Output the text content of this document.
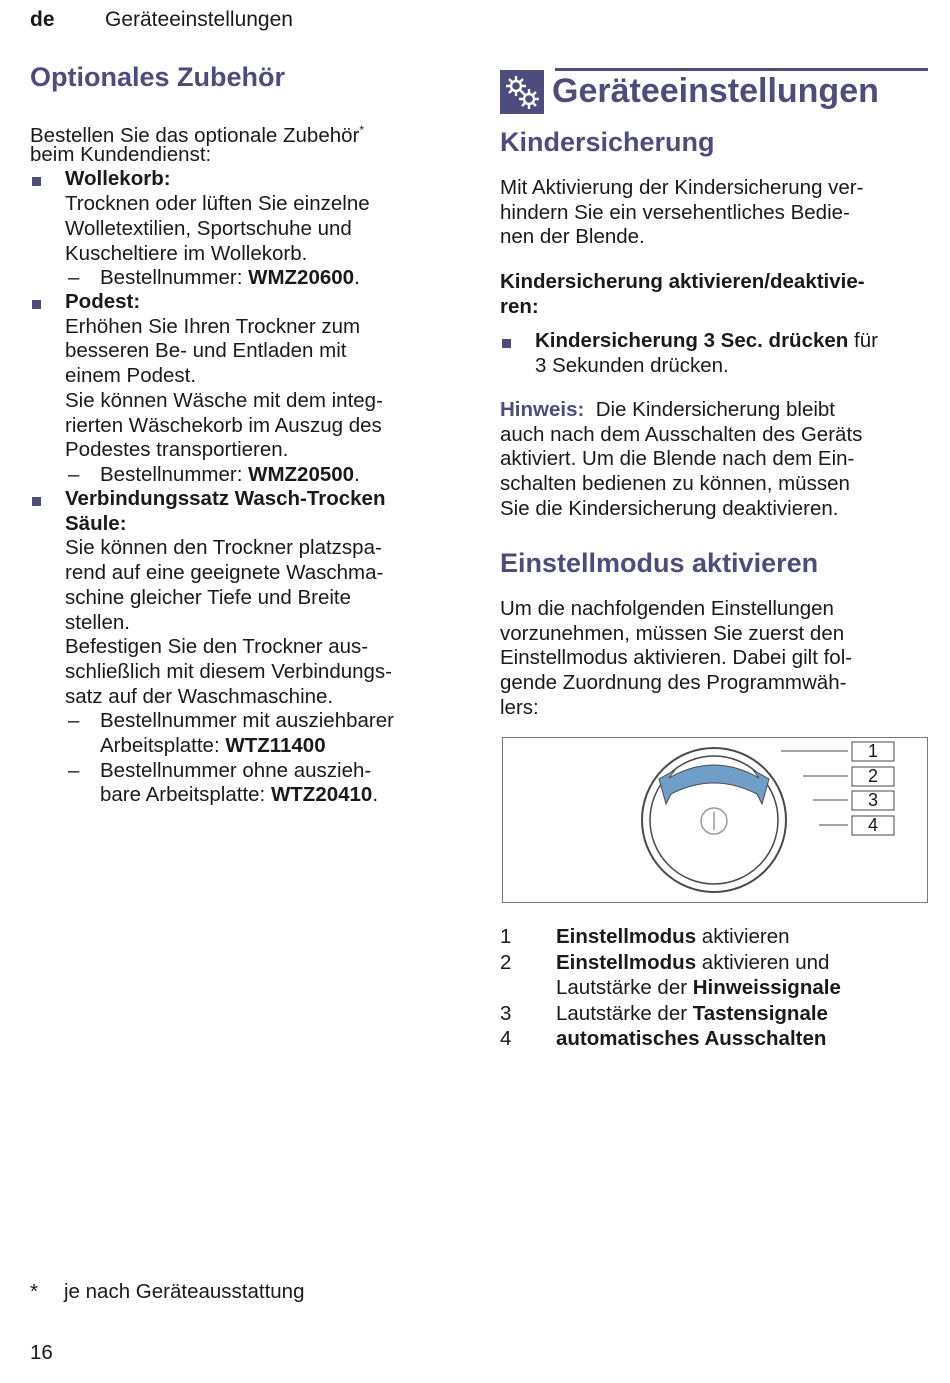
de Geräteeinstellungen
Optionales Zubehör
Bestellen Sie das optionale Zubehör*
beim Kundendienst:
Wollekorb:
Trocknen oder lüften Sie einzelne
Wolletextilien, Sportschuhe und
Kuscheltiere im Wollekorb.
– Bestellnummer: WMZ20600.
Podest:
Erhöhen Sie Ihren Trockner zum
besseren Be- und Entladen mit
einem Podest.
Sie können Wäsche mit dem integ-
rierten Wäschekorb im Auszug des
Podestes transportieren.
– Bestellnummer: WMZ20500.
Verbindungssatz Wasch-Trocken
Säule:
Sie können den Trockner platzspa-
rend auf eine geeignete Waschma-
schine gleicher Tiefe und Breite
stellen.
Befestigen Sie den Trockner aus-
schließlich mit diesem Verbindungs-
satz auf der Waschmaschine.
– Bestellnummer mit ausziehbarer
Arbeitsplatte: WTZ11400
– Bestellnummer ohne auszieh-
bare Arbeitsplatte: WTZ20410.
Geräteeinstellungen
Kindersicherung
Mit Aktivierung der Kindersicherung ver-
hindern Sie ein versehentliches Bedie-
nen der Blende.
Kindersicherung aktivieren/deaktivie-
ren:
Kindersicherung 3 Sec. drücken für
3 Sekunden drücken.
Hinweis: Die Kindersicherung bleibt
auch nach dem Ausschalten des Geräts
aktiviert. Um die Blende nach dem Ein-
schalten bedienen zu können, müssen
Sie die Kindersicherung deaktivieren.
Einstellmodus aktivieren
Um die nachfolgenden Einstellungen
vorzunehmen, müssen Sie zuerst den
Einstellmodus aktivieren. Dabei gilt fol-
gende Zuordnung des Programmwäh-
lers:
1
2
3
4
1 Einstellmodus aktivieren
2 Einstellmodus aktivieren und
Lautstärke der Hinweissignale
3 Lautstärke der Tastensignale
4 automatisches Ausschalten
* je nach Geräteausstattung
16
